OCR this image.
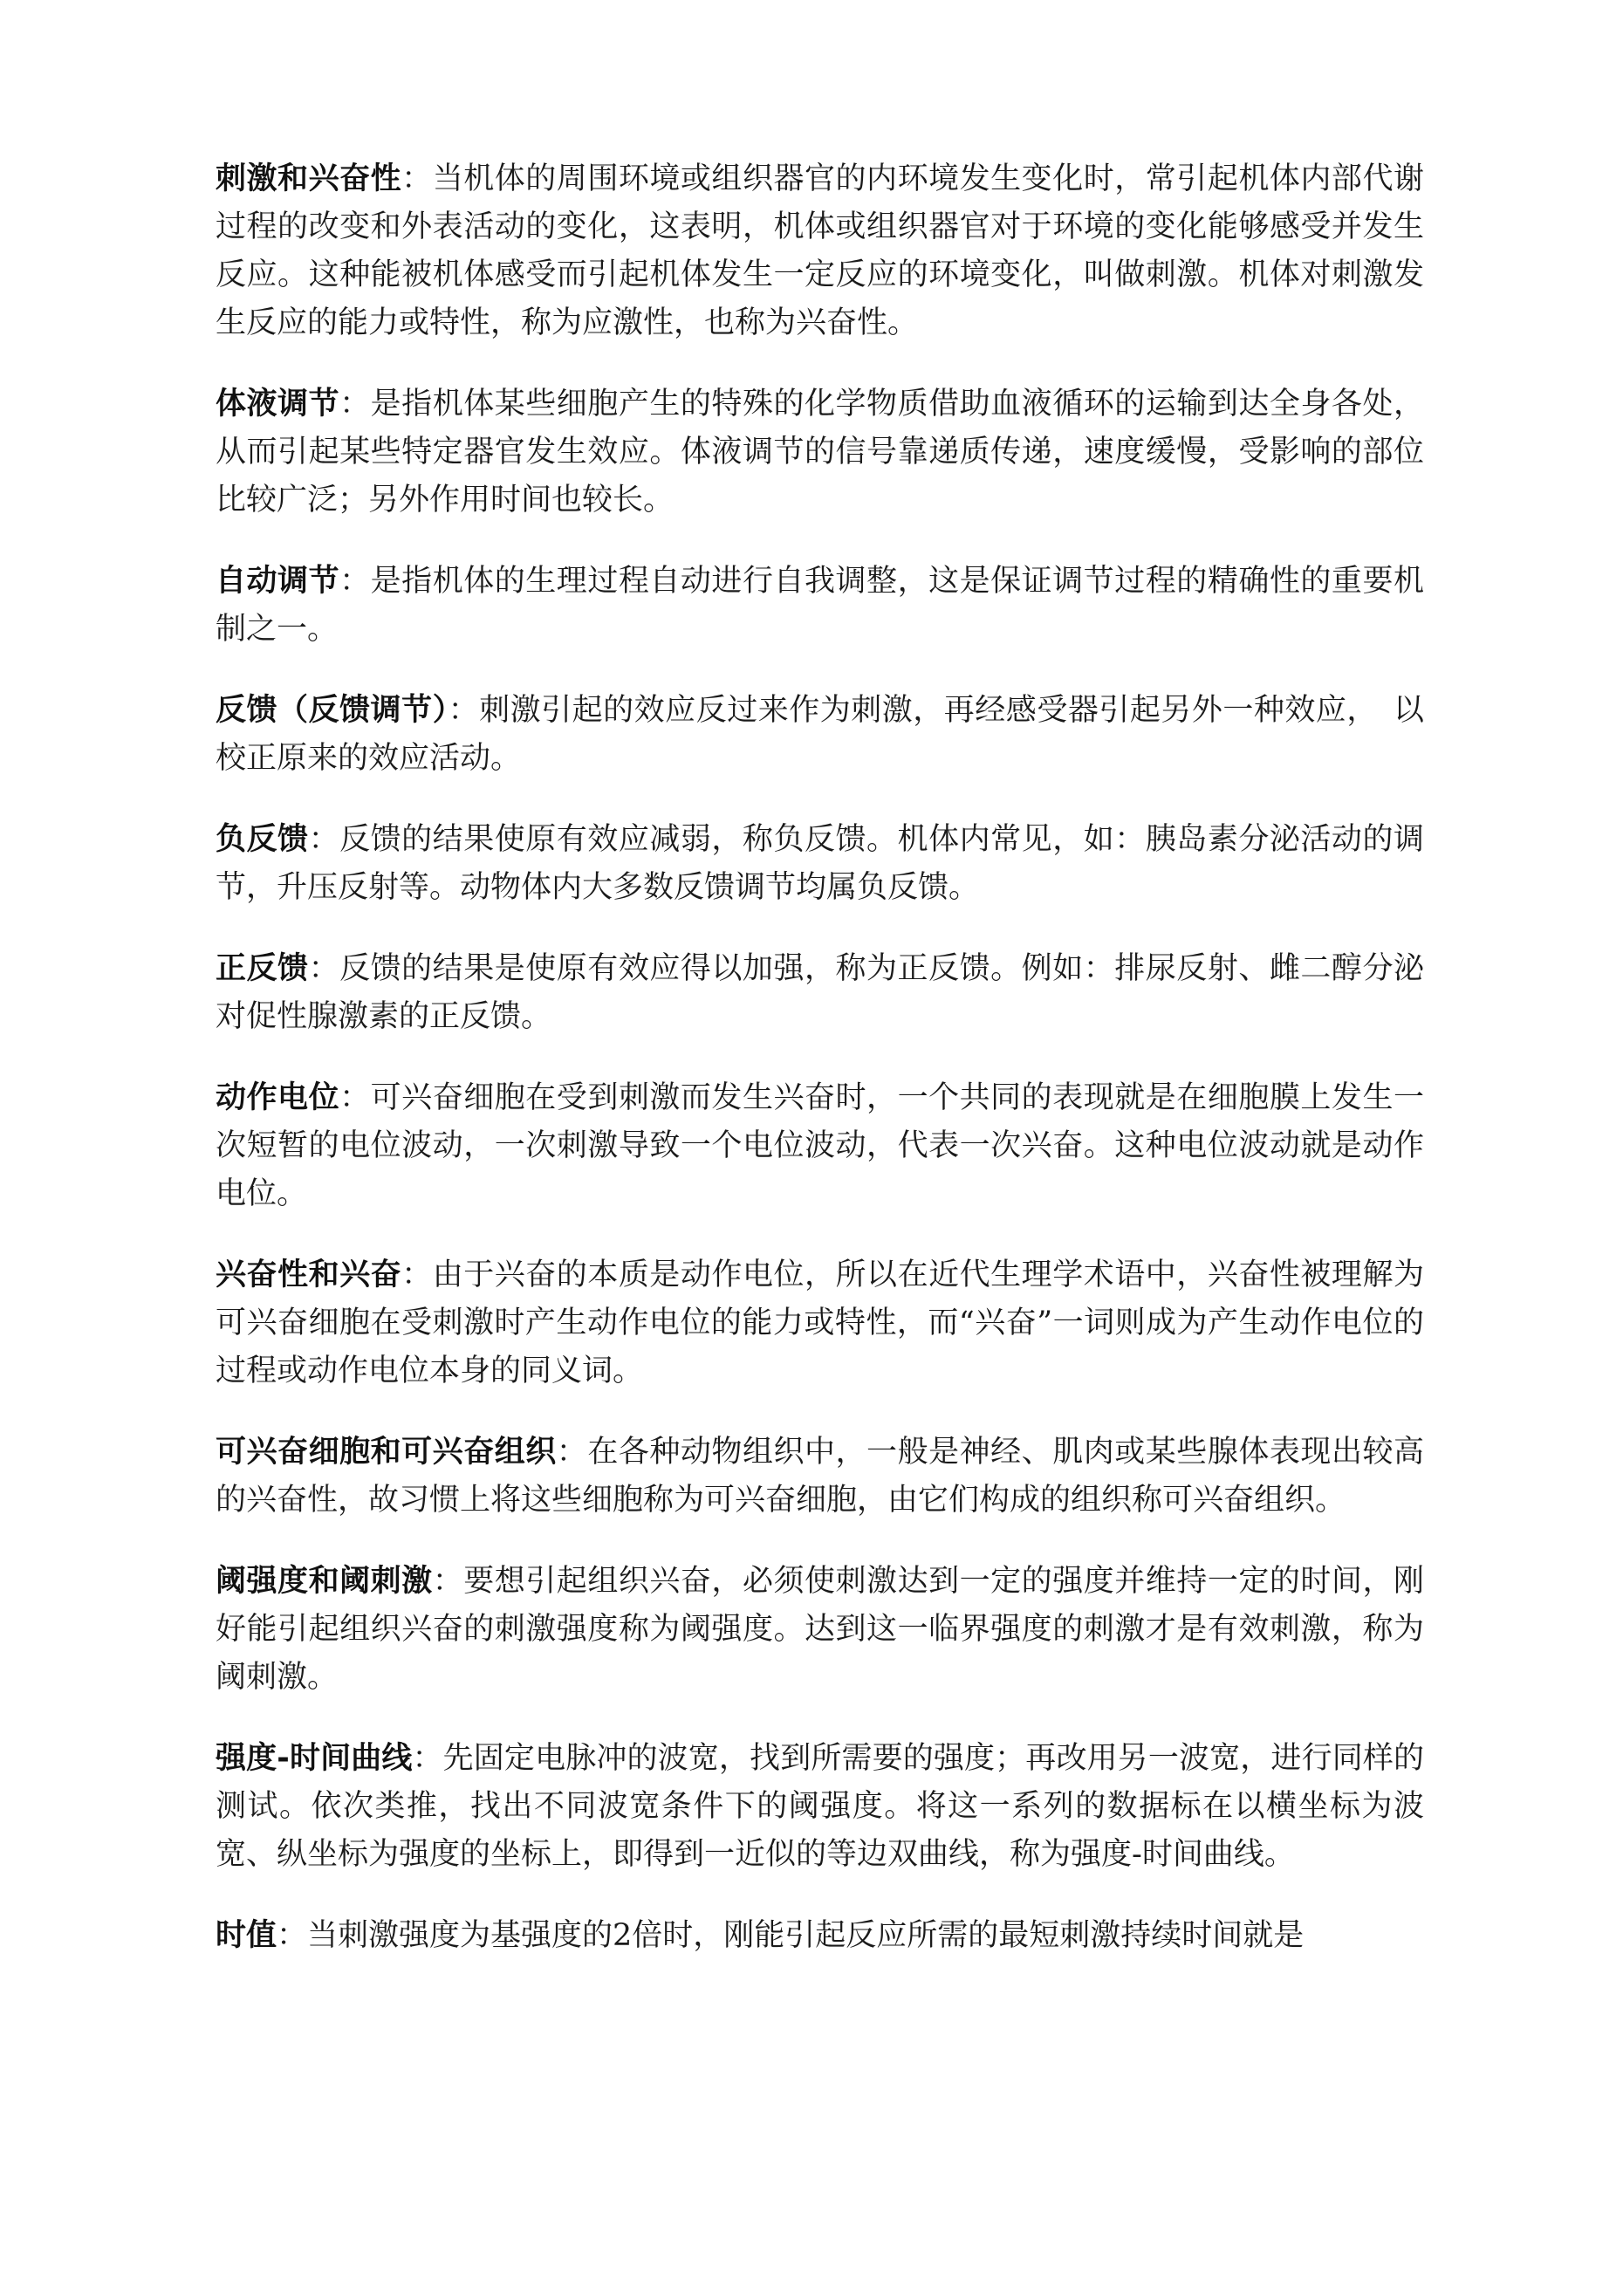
刺激和兴奋性：当机体的周围环境或组织器官的内环境发生变化时，常引起机体内部代谢过程的改变和外表活动的变化，这表明，机体或组织器官对于环境的变化能够感受并发生反应。这种能被机体感受而引起机体发生一定反应的环境变化，叫做刺激。机体对刺激发生反应的能力或特性，称为应激性，也称为兴奋性。

体液调节：是指机体某些细胞产生的特殊的化学物质借助血液循环的运输到达全身各处，从而引起某些特定器官发生效应。体液调节的信号靠递质传递，速度缓慢，受影响的部位比较广泛；另外作用时间也较长。

自动调节：是指机体的生理过程自动进行自我调整，这是保证调节过程的精确性的重要机制之一。

反馈（反馈调节）：刺激引起的效应反过来作为刺激，再经感受器引起另外一种效应，　以校正原来的效应活动。

负反馈：反馈的结果使原有效应减弱，称负反馈。机体内常见，如：胰岛素分泌活动的调节，升压反射等。动物体内大多数反馈调节均属负反馈。

正反馈：反馈的结果是使原有效应得以加强，称为正反馈。例如：排尿反射、雌二醇分泌对促性腺激素的正反馈。

动作电位：可兴奋细胞在受到刺激而发生兴奋时，一个共同的表现就是在细胞膜上发生一次短暂的电位波动，一次刺激导致一个电位波动，代表一次兴奋。这种电位波动就是动作电位。

兴奋性和兴奋：由于兴奋的本质是动作电位，所以在近代生理学术语中，兴奋性被理解为可兴奋细胞在受刺激时产生动作电位的能力或特性，而“兴奋”一词则成为产生动作电位的过程或动作电位本身的同义词。

可兴奋细胞和可兴奋组织：在各种动物组织中，一般是神经、肌肉或某些腺体表现出较高的兴奋性，故习惯上将这些细胞称为可兴奋细胞，由它们构成的组织称可兴奋组织。

阈强度和阈刺激：要想引起组织兴奋，必须使刺激达到一定的强度并维持一定的时间，刚好能引起组织兴奋的刺激强度称为阈强度。达到这一临界强度的刺激才是有效刺激，称为阈刺激。

强度-时间曲线：先固定电脉冲的波宽，找到所需要的强度；再改用另一波宽，进行同样的测试。依次类推，找出不同波宽条件下的阈强度。将这一系列的数据标在以横坐标为波宽、纵坐标为强度的坐标上，即得到一近似的等边双曲线，称为强度-时间曲线。

时值：当刺激强度为基强度的2倍时，刚能引起反应所需的最短刺激持续时间就是
